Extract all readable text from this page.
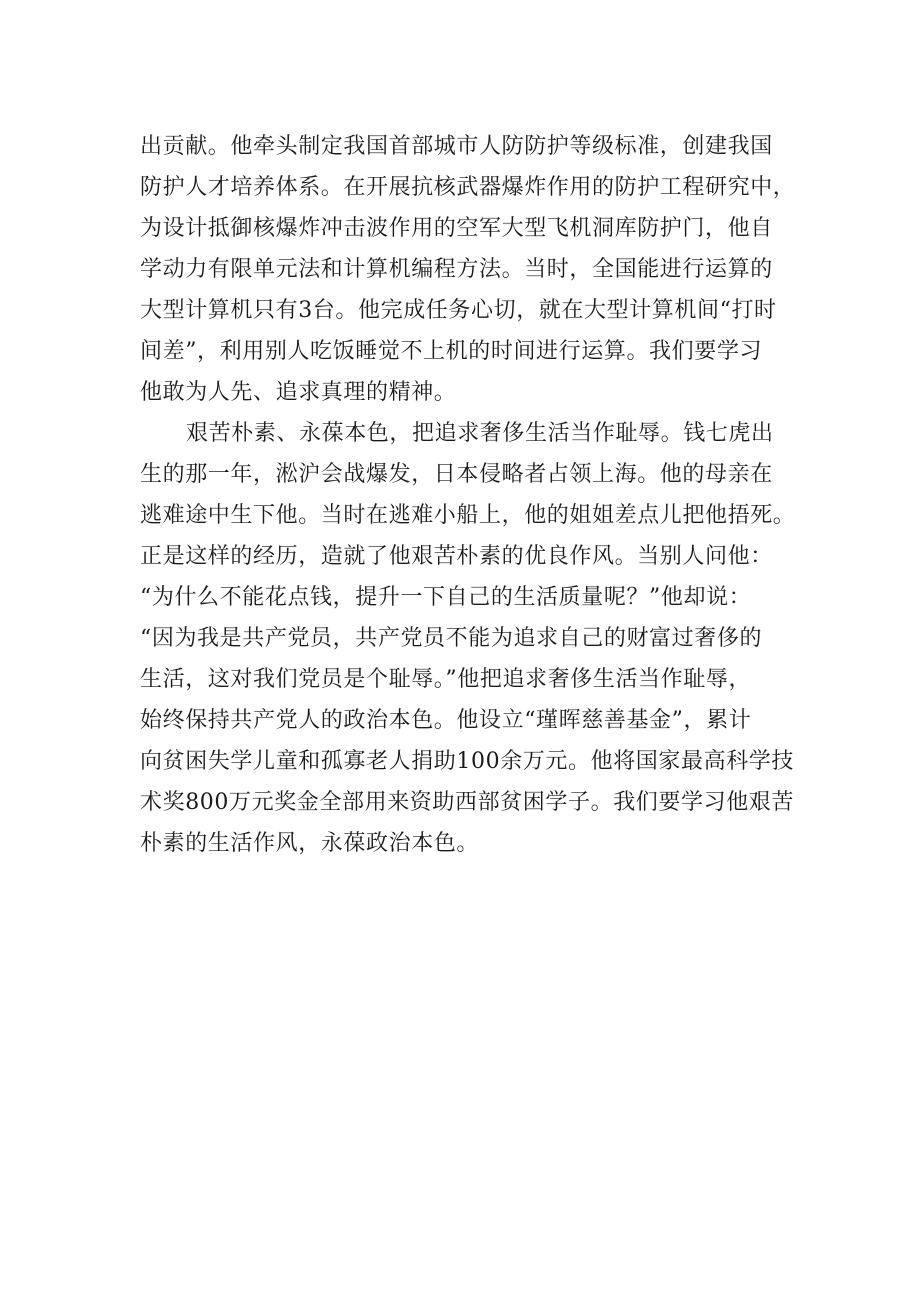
出贡献。他牵头制定我国首部城市人防防护等级标准，创建我国
防护人才培养体系。在开展抗核武器爆炸作用的防护工程研究中，
为设计抵御核爆炸冲击波作用的空军大型飞机洞库防护门，他自
学动力有限单元法和计算机编程方法。当时，全国能进行运算的
大型计算机只有3台。他完成任务心切，就在大型计算机间“打时
间差”，利用别人吃饭睡觉不上机的时间进行运算。我们要学习
他敢为人先、追求真理的精神。
艰苦朴素、永葆本色，把追求奢侈生活当作耻辱。钱七虎出
生的那一年，淞沪会战爆发，日本侵略者占领上海。他的母亲在
逃难途中生下他。当时在逃难小船上，他的姐姐差点儿把他捂死。
正是这样的经历，造就了他艰苦朴素的优良作风。当别人问他：
“为什么不能花点钱，提升一下自己的生活质量呢？”他却说：
“因为我是共产党员，共产党员不能为追求自己的财富过奢侈的
生活，这对我们党员是个耻辱。”他把追求奢侈生活当作耻辱，
始终保持共产党人的政治本色。他设立“瑾晖慈善基金”，累计
向贫困失学儿童和孤寡老人捐助100余万元。他将国家最高科学技
术奖800万元奖金全部用来资助西部贫困学子。我们要学习他艰苦
朴素的生活作风，永葆政治本色。
